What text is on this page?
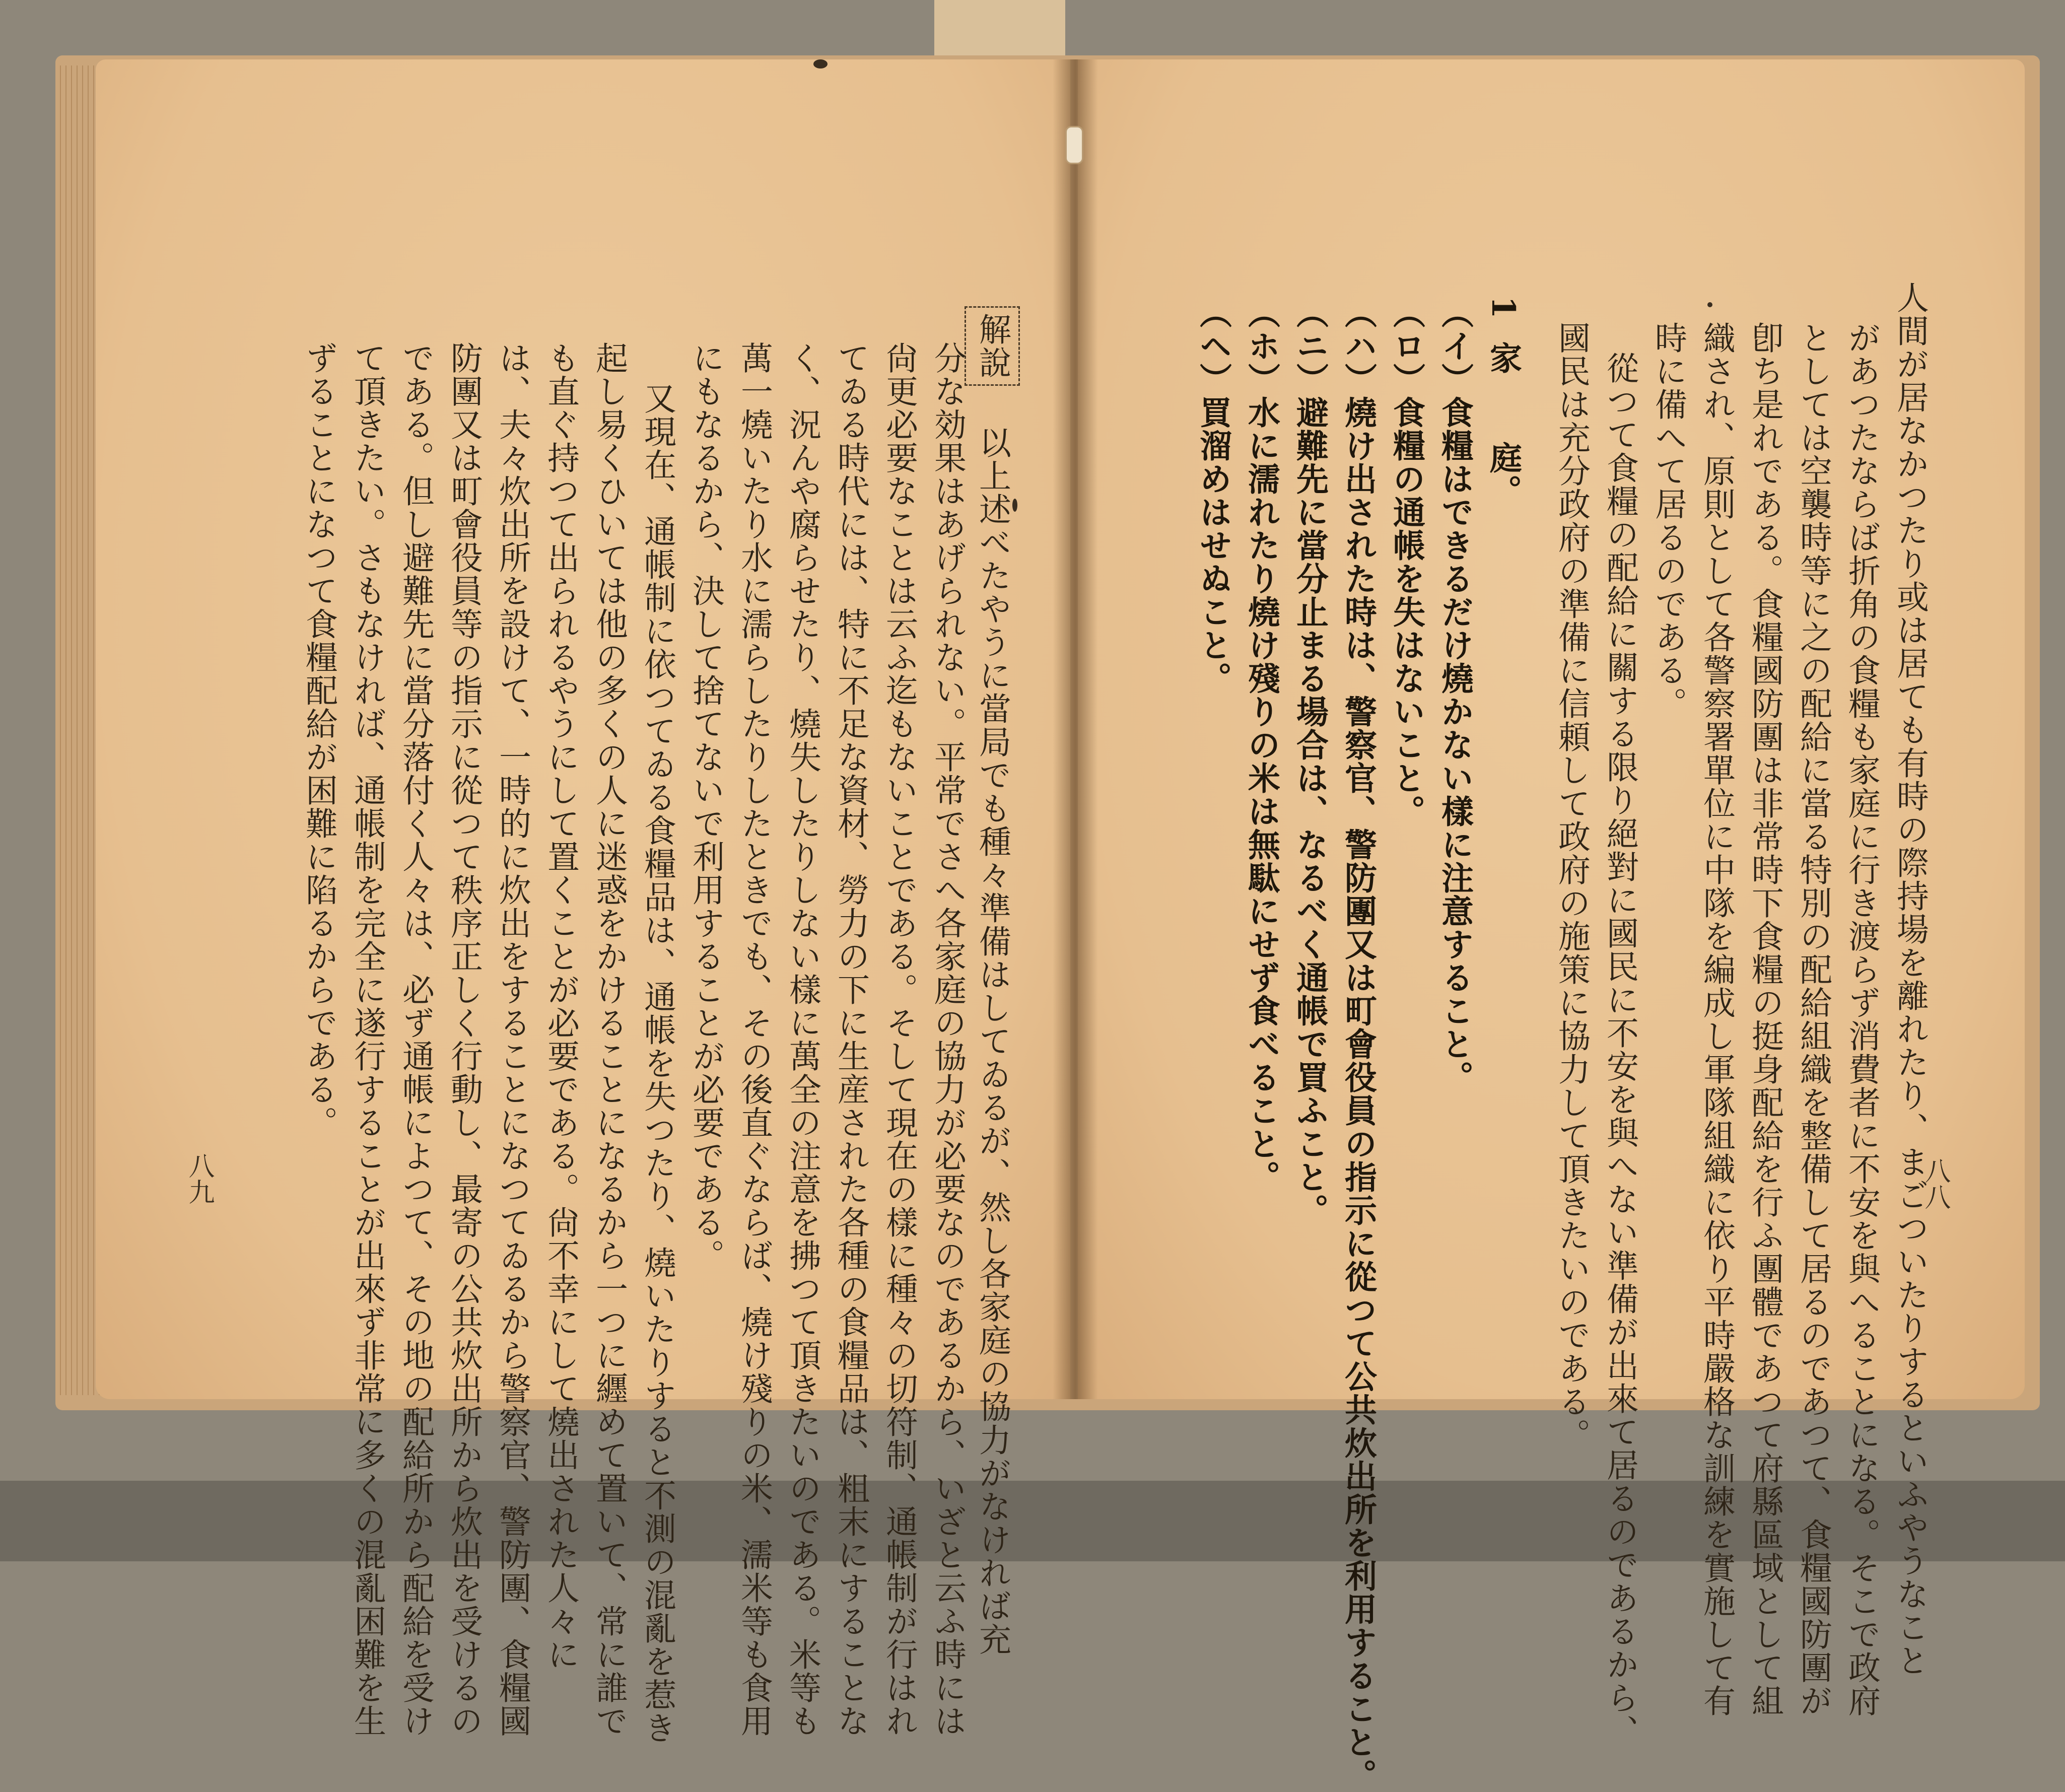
解說以上述べたやうに當局でも種々準備はしてゐるが、然し各家庭の協力がなければ充
分な効果はあげられない。平常でさへ各家庭の協力が必要なのであるから、いざと云ふ時には
尙更必要なことは云ふ迄もないことである。そして現在の樣に種々の切符制、通帳制が行はれ
てゐる時代には、特に不足な資材、勞力の下に生産された各種の食糧品は、粗末にすることな
く、況んや腐らせたり、燒失したりしない樣に萬全の注意を拂つて頂きたいのである。米等も
萬一燒いたり水に濡らしたりしたときでも、その後直ぐならば、燒け殘りの米、濡米等も食用
にもなるから、決して捨てないで利用することが必要である。
又現在、通帳制に依つてゐる食糧品は、通帳を失つたり、燒いたりすると不測の混亂を惹き
起し易くひいては他の多くの人に迷惑をかけることになるから一つに纒めて置いて、常に誰で
も直ぐ持つて出られるやうにして置くことが必要である。尙不幸にして燒出された人々に
は、夫々炊出所を設けて、一時的に炊出をすることになつてゐるから警察官、警防團、食糧國
防團又は町會役員等の指示に從つて秩序正しく行動し、最寄の公共炊出所から炊出を受けるの
である。但し避難先に當分落付く人々は、必ず通帳によつて、その地の配給所から配給を受け
て頂きたい。さもなければ、通帳制を完全に遂行することが出來ず非常に多くの混亂困難を生
ずることになつて食糧配給が困難に陷るからである。
八九	人間が居なかつたり或は居ても有時の際持場を離れたり、まごついたりするといふやうなこと
があつたならば折角の食糧も家庭に行き渡らず消費者に不安を與へることになる。そこで政府
としては空襲時等に之の配給に當る特別の配給組織を整備して居るのであつて、食糧國防團が
卽ち是れである。食糧國防團は非常時下食糧の挺身配給を行ふ團體であつて府縣區域として組
織され、原則として各警察署單位に中隊を編成し軍隊組織に依り平時嚴格な訓練を實施して有
時に備へて居るのである。
從つて食糧の配給に關する限り絕對に國民に不安を與へない準備が出來て居るのであるから、
國民は充分政府の準備に信頼して政府の施策に協力して頂きたいのである。
1
家　　庭。
（イ）食糧はできるだけ燒かない樣に注意すること。
（ロ）食糧の通帳を失はないこと。
（ハ）燒け出された時は、警察官、警防團又は町會役員の指示に從つて公共炊出所を利用すること。
（ニ）避難先に當分止まる場合は、なるべく通帳で買ふこと。
（ホ）水に濡れたり燒け殘りの米は無駄にせず食べること。
（ヘ）買溜めはせぬこと。
八八
